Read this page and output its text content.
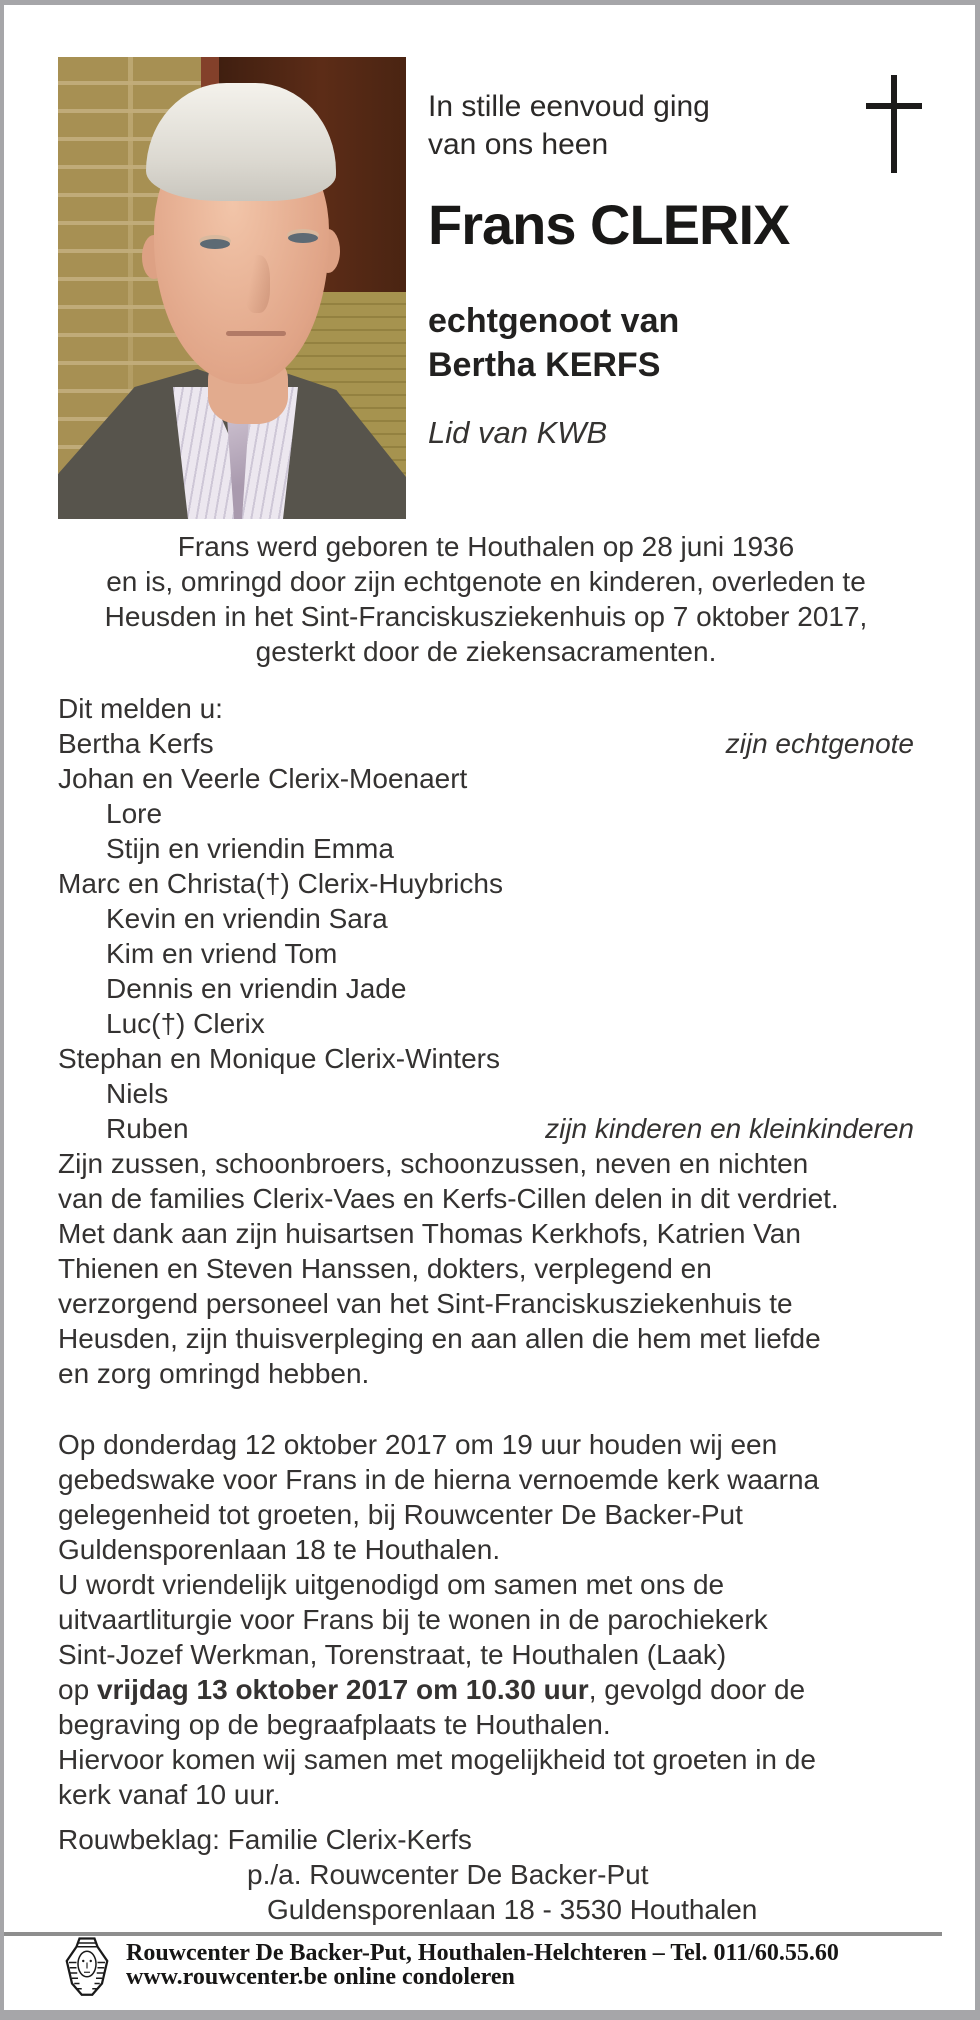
In stille eenvoud ging
van ons heen
Frans CLERIX
echtgenoot van
Bertha KERFS
Lid van KWB
Frans werd geboren te Houthalen op 28 juni 1936
en is, omringd door zijn echtgenote en kinderen, overleden te
Heusden in het Sint-Franciskusziekenhuis op 7 oktober 2017,
gesterkt door de ziekensacramenten.
Dit melden u:
Bertha Kerfs	zijn echtgenote
Johan en Veerle Clerix-Moenaert
Lore
Stijn en vriendin Emma
Marc en Christa(†) Clerix-Huybrichs
Kevin en vriendin Sara
Kim en vriend Tom
Dennis en vriendin Jade
Luc(†) Clerix
Stephan en Monique Clerix-Winters
Niels
Ruben	zijn kinderen en kleinkinderen
Zijn zussen, schoonbroers, schoonzussen, neven en nichten
van de families Clerix-Vaes en Kerfs-Cillen delen in dit verdriet.
Met dank aan zijn huisartsen Thomas Kerkhofs, Katrien Van
Thienen en Steven Hanssen, dokters, verplegend en
verzorgend personeel van het Sint-Franciskusziekenhuis te
Heusden, zijn thuisverpleging en aan allen die hem met liefde
en zorg omringd hebben.
Op donderdag 12 oktober 2017 om 19 uur houden wij een
gebedswake voor Frans in de hierna vernoemde kerk waarna
gelegenheid tot groeten, bij Rouwcenter De Backer-Put
Guldensporenlaan 18 te Houthalen.
U wordt vriendelijk uitgenodigd om samen met ons de
uitvaartliturgie voor Frans bij te wonen in de parochiekerk
Sint-Jozef Werkman, Torenstraat, te Houthalen (Laak)
op vrijdag 13 oktober 2017 om 10.30 uur, gevolgd door de
begraving op de begraafplaats te Houthalen.
Hiervoor komen wij samen met mogelijkheid tot groeten in de
kerk vanaf 10 uur.
Rouwbeklag: Familie Clerix-Kerfs
p./a. Rouwcenter De Backer-Put
Guldensporenlaan 18 - 3530 Houthalen
Rouwcenter De Backer-Put, Houthalen-Helchteren – Tel. 011/60.55.60
www.rouwcenter.be online condoleren
